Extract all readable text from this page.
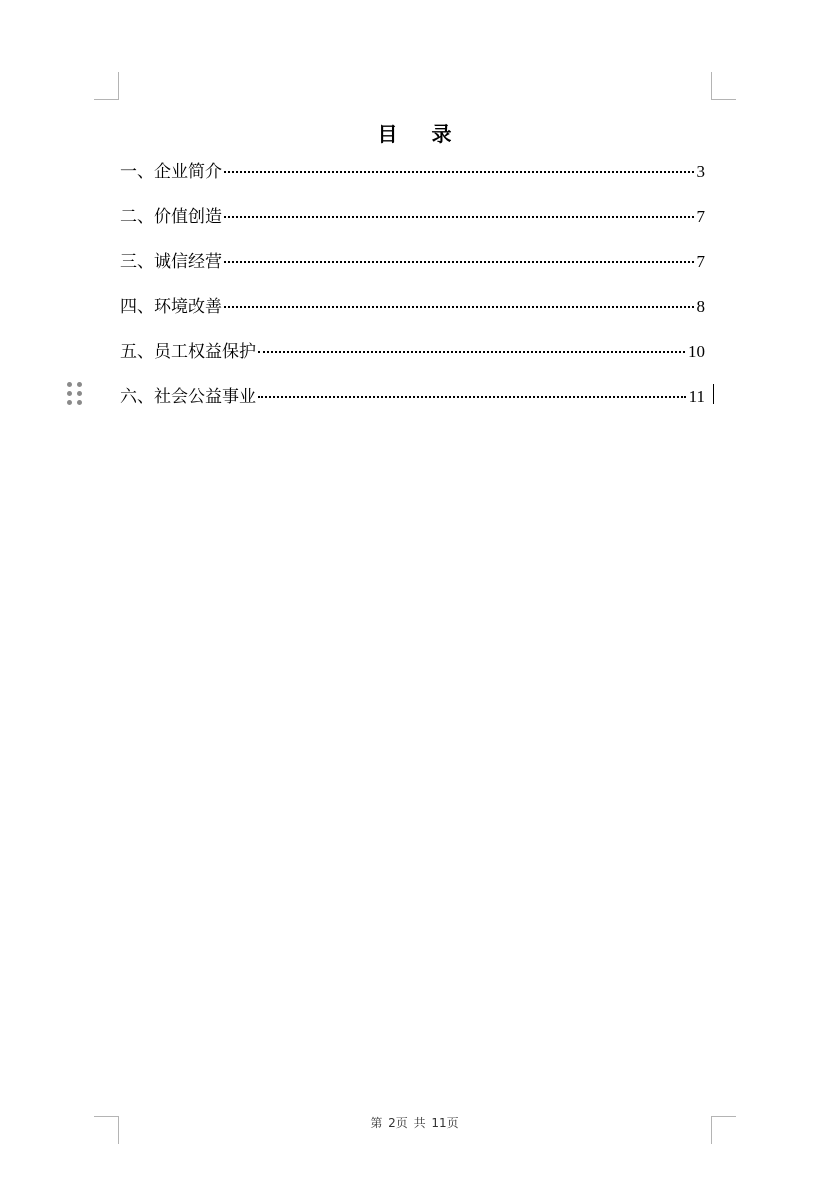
目 录
一、企业简介	3
二、价值创造	7
三、诚信经营	7
四、环境改善	8
五、员工权益保护	10
六、社会公益事业	11
第 2页 共 11页
